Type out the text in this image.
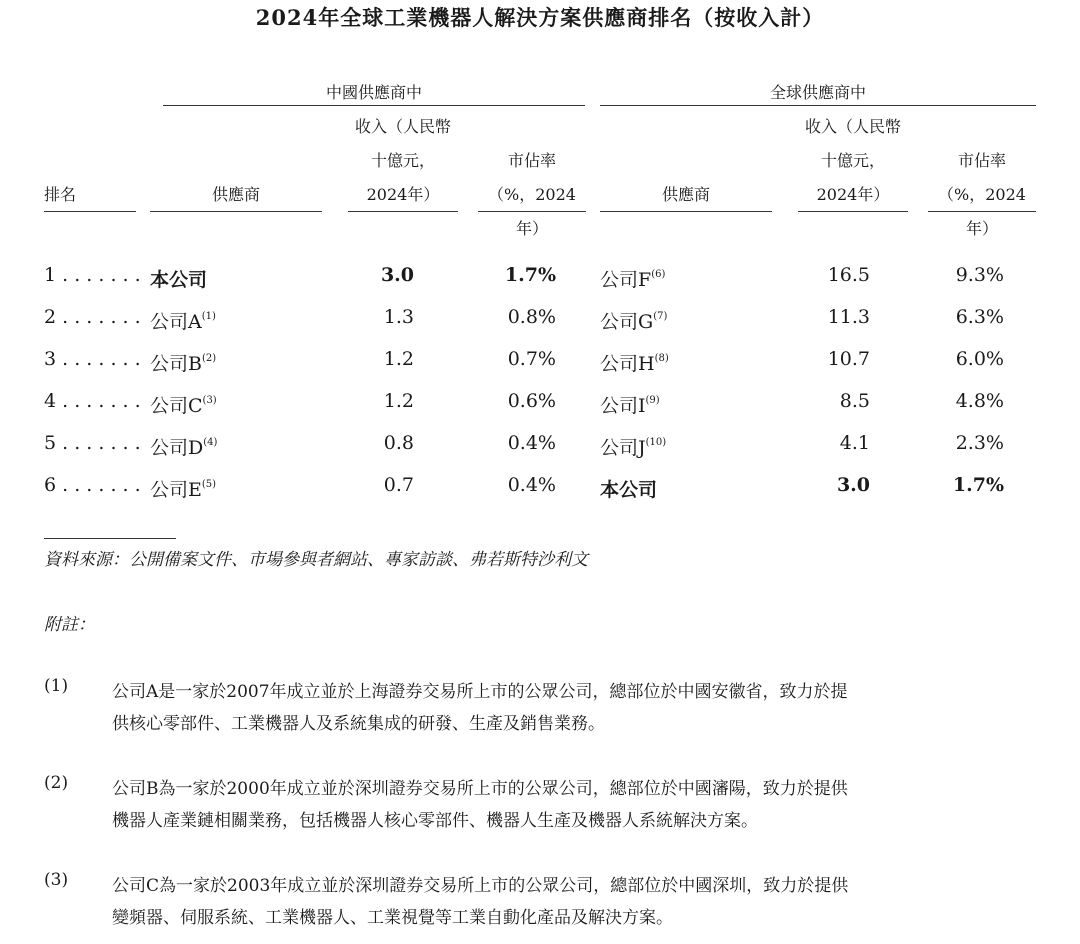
2024年全球工業機器人解決方案供應商排名（按收入計）
中國供應商中	全球供應商中
排名	供應商
收入（人民幣
十億元，
2024年）
市佔率
（%，2024年）
供應商
收入（人民幣
十億元，
2024年）
市佔率
（%，2024年）
1 . . . . . . . 本公司	3.0	1.7% 公司$F^{(6)}$	16.5	9.3%
2 . . . . . . . 公司$A^{(1)}$	1.3	0.8% 公司$G^{(7)}$	11.3	6.3%
3 . . . . . . . 公司$B^{(2)}$	1.2	0.7% 公司$H^{(8)}$	10.7	6.0%
4 . . . . . . . 公司$C^{(3)}$	1.2	0.6% 公司$I^{(9)}$	8.5	4.8%
5 . . . . . . . 公司$D^{(4)}$	0.8	0.4% 公司$J^{(10)}$	4.1	2.3%
6 . . . . . . . 公司$E^{(5)}$	0.7	0.4% 本公司	3.0	1.7%
資料來源：公開備案文件、市場參與者網站、專家訪談、弗若斯特沙利文
附註：
(1)	公司A是一家於2007年成立並於上海證券交易所上市的公眾公司，總部位於中國安徽省，致力於提
供核心零部件、工業機器人及系統集成的研發、生產及銷售業務。
(2)	公司B為一家於2000年成立並於深圳證券交易所上市的公眾公司，總部位於中國瀋陽，致力於提供
機器人產業鏈相關業務，包括機器人核心零部件、機器人生產及機器人系統解決方案。
(3)	公司C為一家於2003年成立並於深圳證券交易所上市的公眾公司，總部位於中國深圳，致力於提供
變頻器、伺服系統、工業機器人、工業視覺等工業自動化產品及解決方案。
